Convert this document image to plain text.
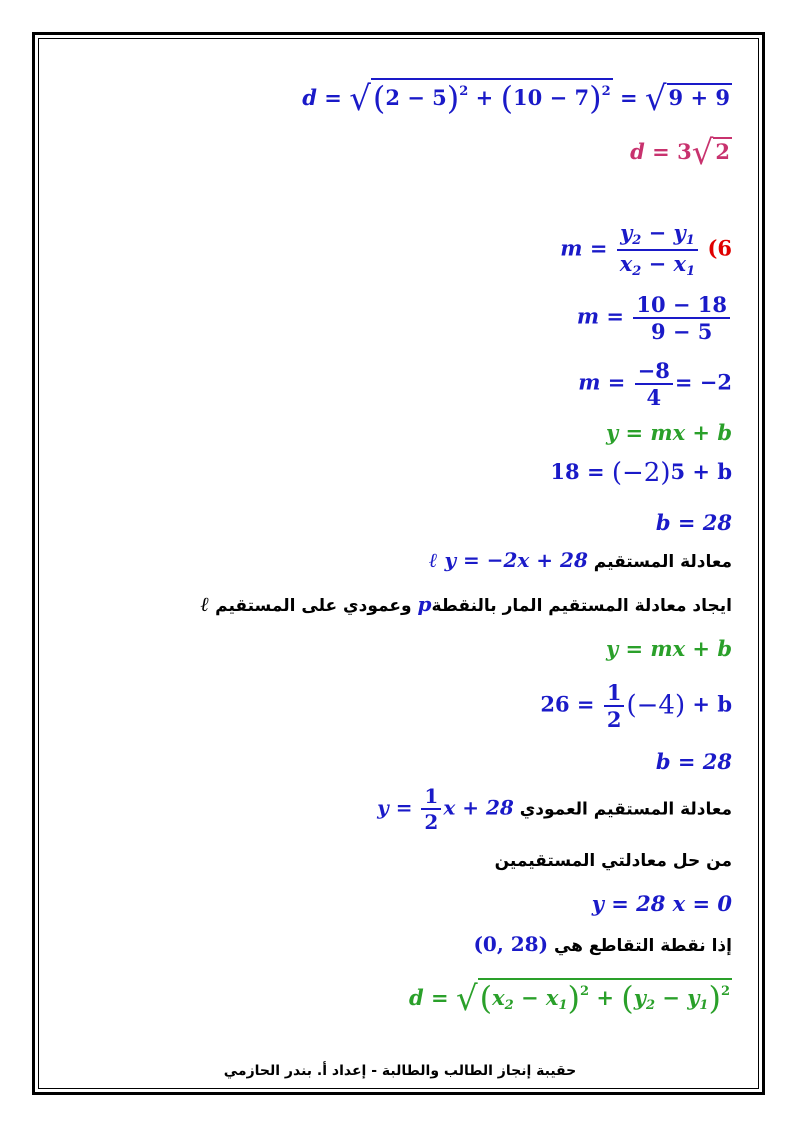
$d = √(2 - 5)^2 + (10 - 7)^2 = √9 + 9$
d = 3√2
$m = \frac{y_2 - y_1}{x_2 - x_1} (6$
$m = \frac{10 - 18}{9 - 5}$
$m = \frac{-8}{4} = -2$
y = mx + b
18 = (−2)5 + b
b = 28
معادلة المستقيم ℓ y = −2x + 28
ايجاد معادلة المستقيم المار بالنقطةp وعمودي على المستقيم ℓ
y = mx + b
$26 = \frac{1}{2} (-4) + b$
b = 28
معادلة المستقيم العمودي $y = \frac{1}{2}$ x + 28
من حل معادلتي المستقيمين
y = 28 x = 0
إذا نقطة التقاطع هي (0, 28)
$d = √(x_2 - x_1)^2 + (y_2 - y_1)^2$
حقيبة إنجاز الطالب والطالبة - إعداد أ. بندر الحازمي
